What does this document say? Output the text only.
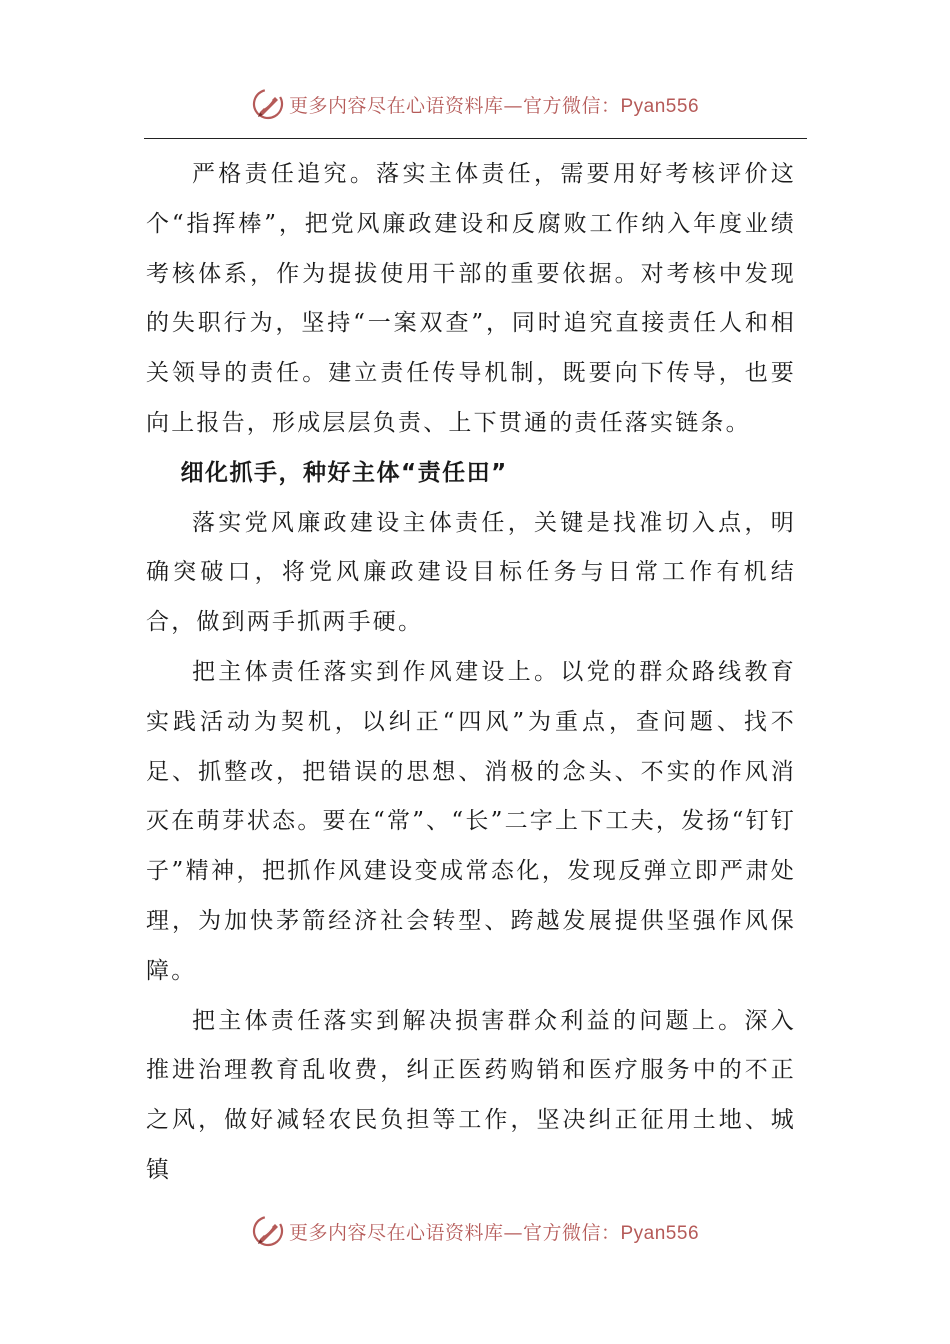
更多内容尽在心语资料库—官方微信：Pyan556

严格责任追究。落实主体责任，需要用好考核评价这个“指挥棒”，把党风廉政建设和反腐败工作纳入年度业绩考核体系，作为提拔使用干部的重要依据。对考核中发现的失职行为，坚持“一案双查”，同时追究直接责任人和相关领导的责任。建立责任传导机制，既要向下传导，也要向上报告，形成层层负责、上下贯通的责任落实链条。

细化抓手，种好主体“责任田”

落实党风廉政建设主体责任，关键是找准切入点，明确突破口，将党风廉政建设目标任务与日常工作有机结合，做到两手抓两手硬。

把主体责任落实到作风建设上。以党的群众路线教育实践活动为契机，以纠正“四风”为重点，查问题、找不足、抓整改，把错误的思想、消极的念头、不实的作风消灭在萌芽状态。要在“常”、“长”二字上下工夫，发扬“钉钉子”精神，把抓作风建设变成常态化，发现反弹立即严肃处理，为加快茅箭经济社会转型、跨越发展提供坚强作风保障。

把主体责任落实到解决损害群众利益的问题上。深入推进治理教育乱收费，纠正医药购销和医疗服务中的不正之风，做好减轻农民负担等工作，坚决纠正征用土地、城镇

更多内容尽在心语资料库—官方微信：Pyan556
